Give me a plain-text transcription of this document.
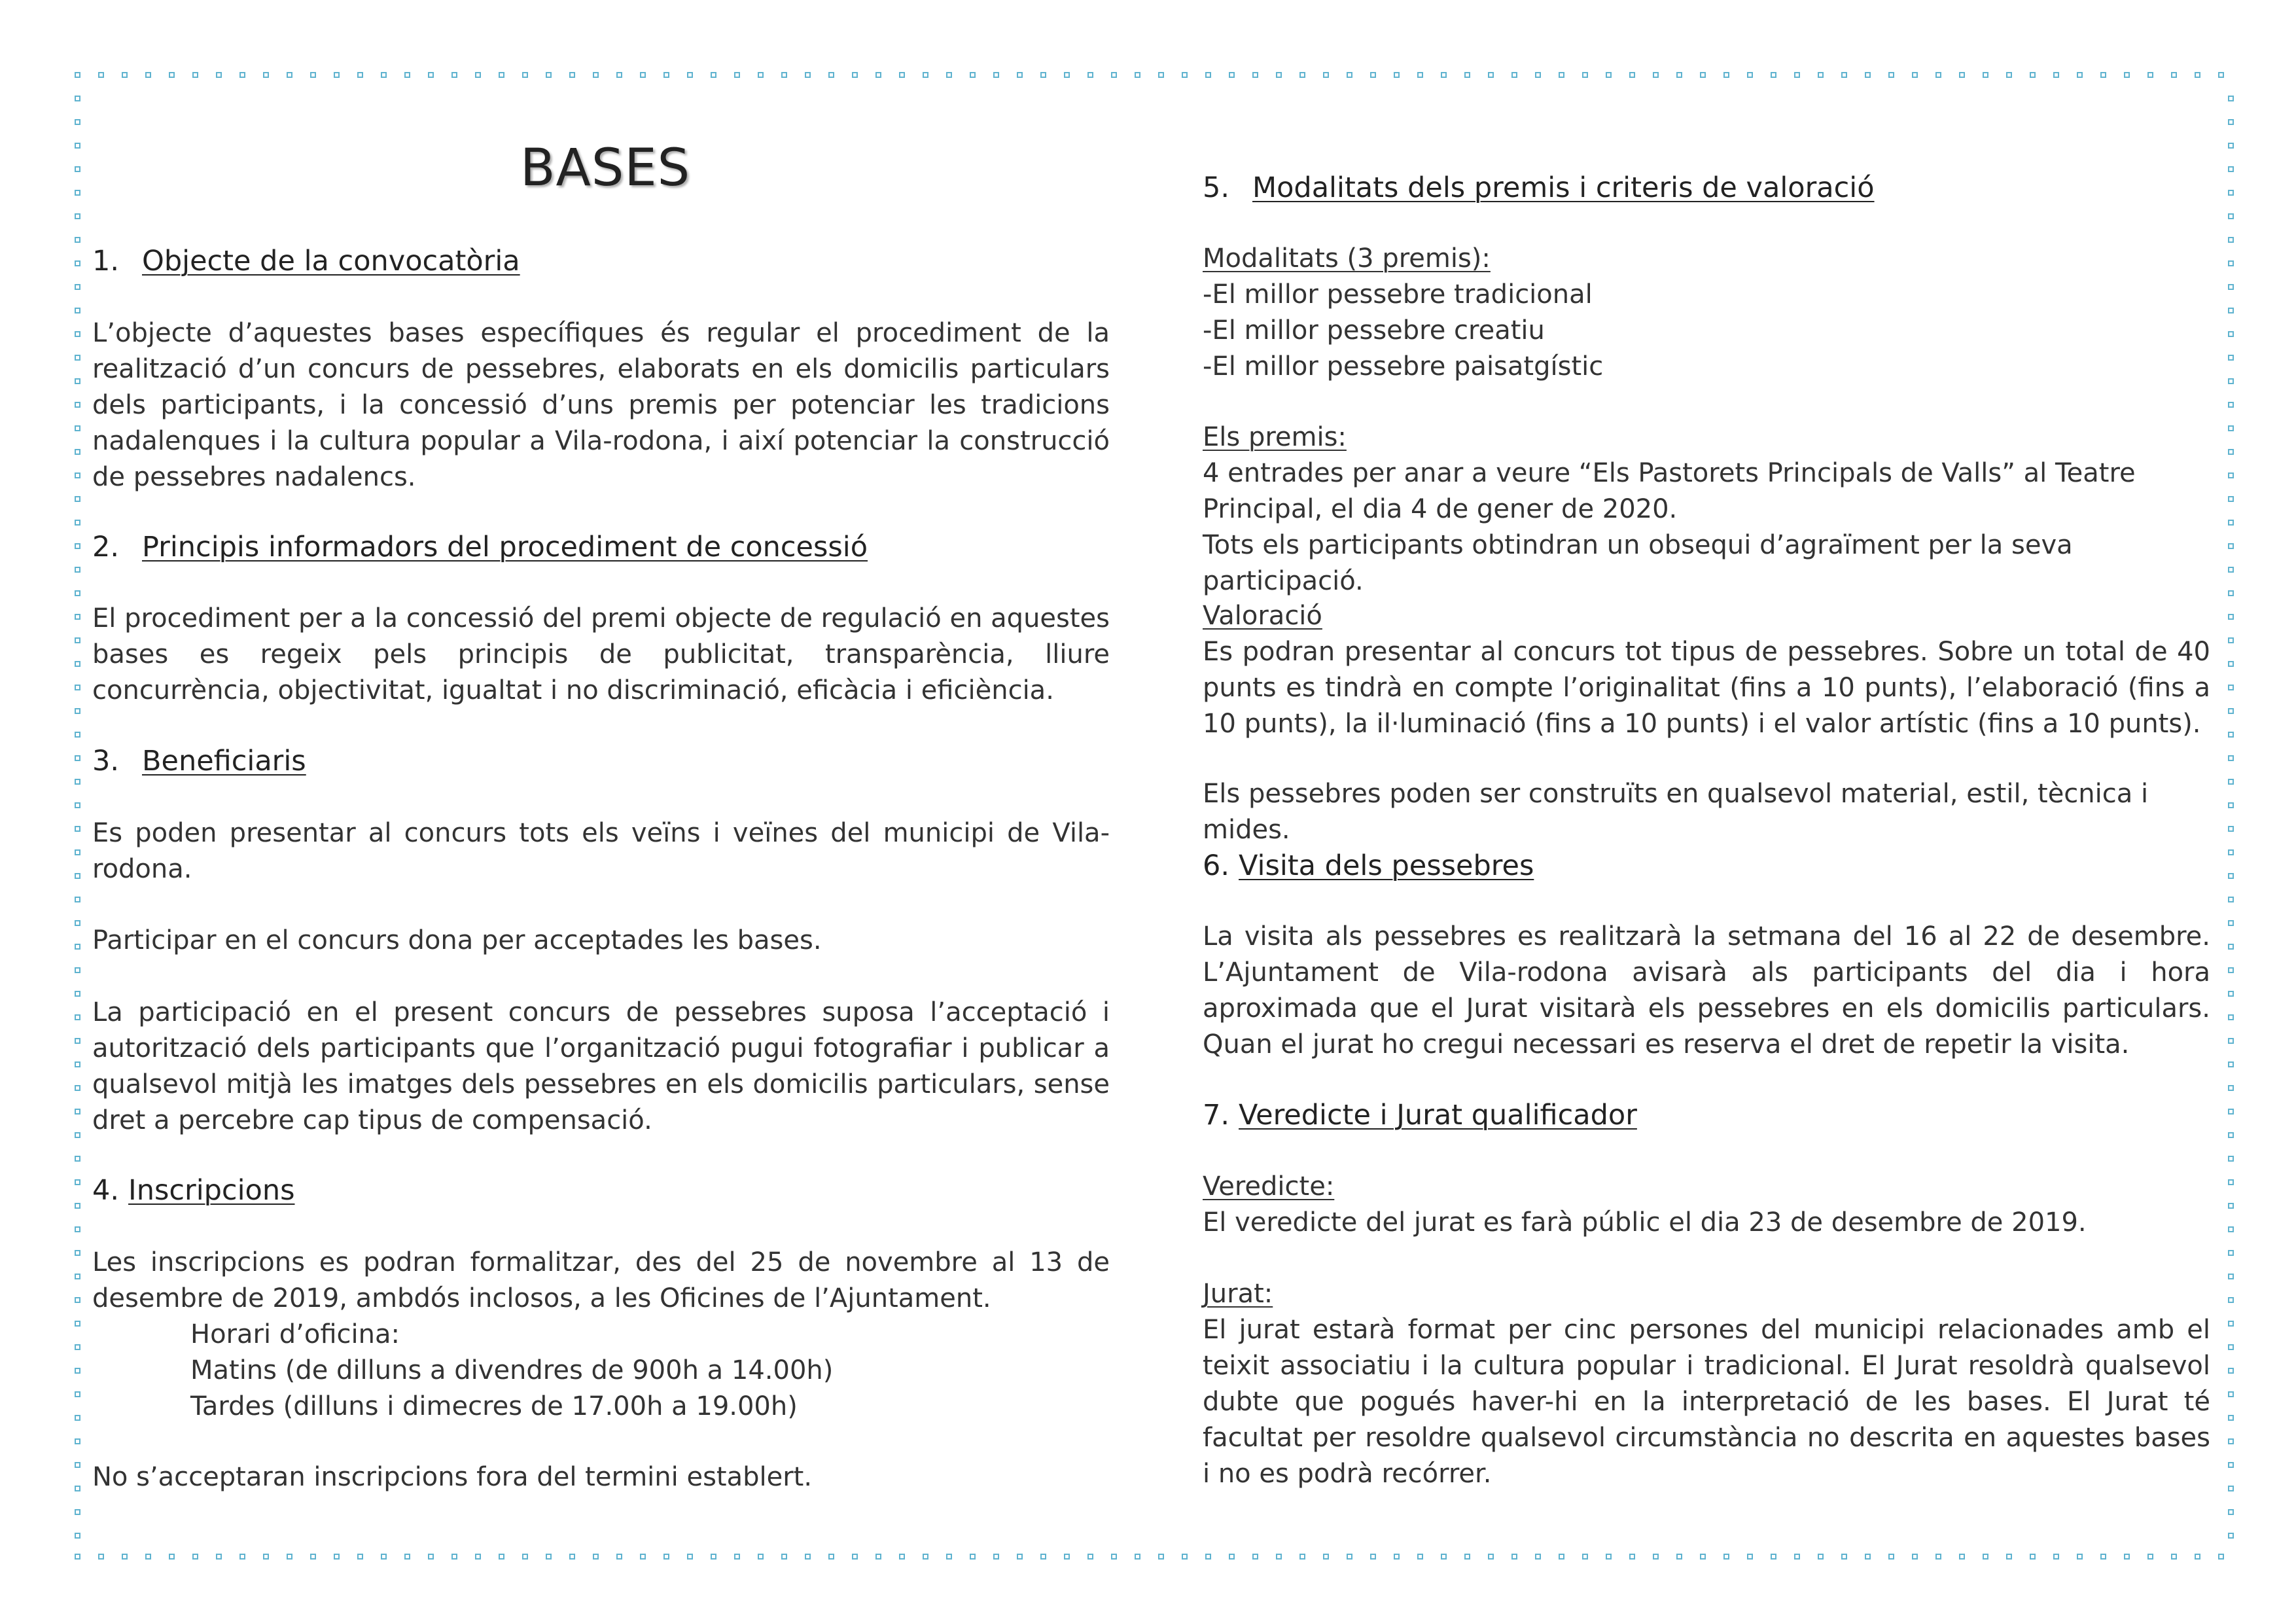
BASES
1. Objecte de la convocatòria

L’objecte d’aquestes bases específiques és regular el procediment de la realització d’un concurs de pessebres, elaborats en els domicilis particulars dels participants, i la concessió d’uns premis per potenciar les tradicions nadalenques i la cultura popular a Vila-rodona, i així potenciar la construcció de pessebres nadalencs.

2. Principis informadors del procediment de concessió

El procediment per a la concessió del premi objecte de regulació en aquestes bases es regeix pels principis de publicitat, transparència, lliure concurrència, objectivitat, igualtat i no discriminació, eficàcia i eficiència.

3. Beneficiaris

Es poden presentar al concurs tots els veïns i veïnes del municipi de Vila-rodona.

Participar en el concurs dona per acceptades les bases.

La participació en el present concurs de pessebres suposa l’acceptació i autorització dels participants que l’organització pugui fotografiar i publicar a qualsevol mitjà les imatges dels pessebres en els domicilis particulars, sense dret a percebre cap tipus de compensació.

4. Inscripcions

Les inscripcions es podran formalitzar, des del 25 de novembre al 13 de desembre de 2019, ambdós inclosos, a les Oficines de l’Ajuntament.

Horari d’oficina:

Matins (de dilluns a divendres de 900h a 14.00h)

Tardes (dilluns i dimecres de 17.00h a 19.00h)

No s’acceptaran inscripcions fora del termini establert.

5. Modalitats dels premis i criteris de valoració

Modalitats (3 premis):

-El millor pessebre tradicional

-El millor pessebre creatiu

-El millor pessebre paisatgístic

Els premis:

4 entrades per anar a veure “Els Pastorets Principals de Valls” al Teatre Principal, el dia 4 de gener de 2020.

Tots els participants obtindran un obsequi d’agraïment per la seva participació.

Valoració

Es podran presentar al concurs tot tipus de pessebres. Sobre un total de 40 punts es tindrà en compte l’originalitat (fins a 10 punts), l’elaboració (fins a 10 punts), la il·luminació (fins a 10 punts) i el valor artístic (fins a 10 punts).

Els pessebres poden ser construïts en qualsevol material, estil, tècnica i mides.

6. Visita dels pessebres

La visita als pessebres es realitzarà la setmana del 16 al 22 de desembre. L’Ajuntament de Vila-rodona avisarà als participants del dia i hora aproximada que el Jurat visitarà els pessebres en els domicilis particulars. Quan el jurat ho cregui necessari es reserva el dret de repetir la visita.

7. Veredicte i Jurat qualificador

Veredicte:

El veredicte del jurat es farà públic el dia 23 de desembre de 2019.

Jurat:

El jurat estarà format per cinc persones del municipi relacionades amb el teixit associatiu i la cultura popular i tradicional. El Jurat resoldrà qualsevol dubte que pogués haver-hi en la interpretació de les bases. El Jurat té facultat per resoldre qualsevol circumstància no descrita en aquestes bases i no es podrà recórrer.
